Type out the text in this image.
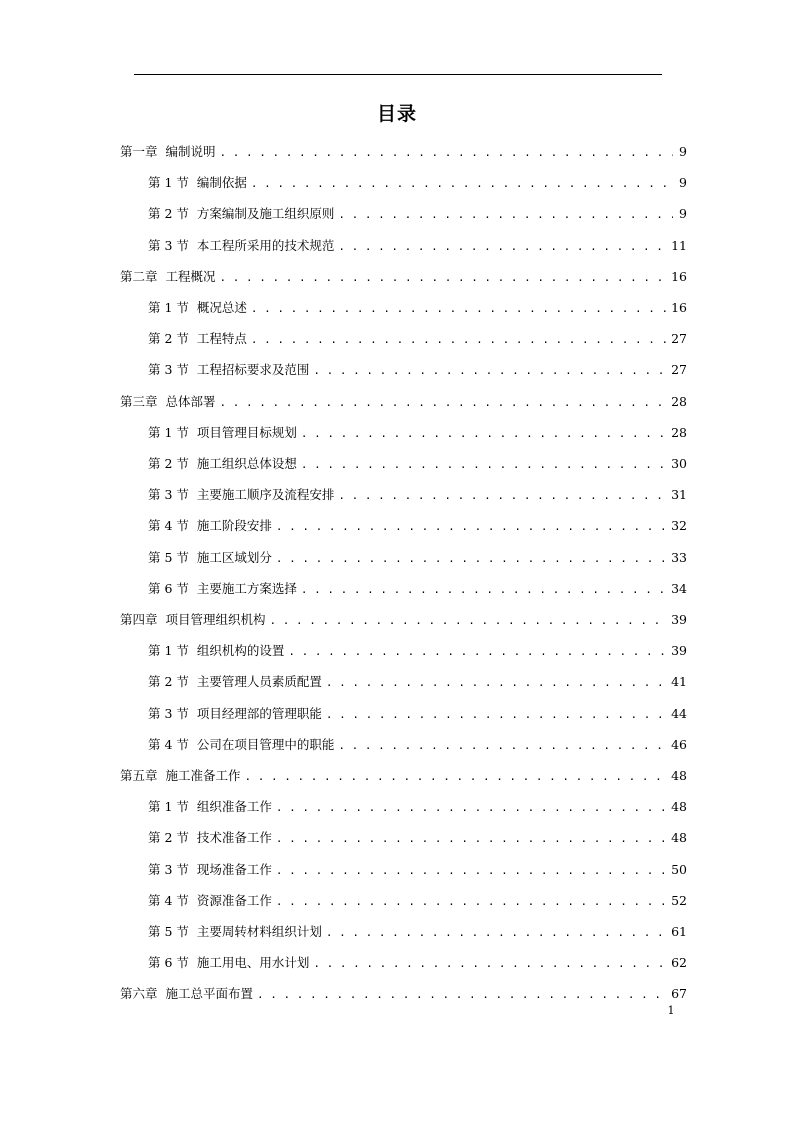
目录
第一章 编制说明 . . .	9
第 1 节 编制依据 . . .	9
第 2 节 方案编制及施工组织原则 . . .	9
第 3 节 本工程所采用的技术规范 . . .	11
第二章 工程概况 . . .	16
第 1 节 概况总述 . . .	16
第 2 节 工程特点 . . .	27
第 3 节 工程招标要求及范围 . . .	27
第三章 总体部署 . . .	28
第 1 节 项目管理目标规划 . . .	28
第 2 节 施工组织总体设想 . . .	30
第 3 节 主要施工顺序及流程安排 . . .	31
第 4 节 施工阶段安排 . . .	32
第 5 节 施工区域划分 . . .	33
第 6 节 主要施工方案选择 . . .	34
第四章 项目管理组织机构 . . .	39
第 1 节 组织机构的设置 . . .	39
第 2 节 主要管理人员素质配置 . . .	41
第 3 节 项目经理部的管理职能 . . .	44
第 4 节 公司在项目管理中的职能 . . .	46
第五章 施工准备工作 . . .	48
第 1 节 组织准备工作 . . .	48
第 2 节 技术准备工作 . . .	48
第 3 节 现场准备工作 . . .	50
第 4 节 资源准备工作 . . .	52
第 5 节 主要周转材料组织计划 . . .	61
第 6 节 施工用电、用水计划 . . .	62
第六章 施工总平面布置 . . .	67
1
